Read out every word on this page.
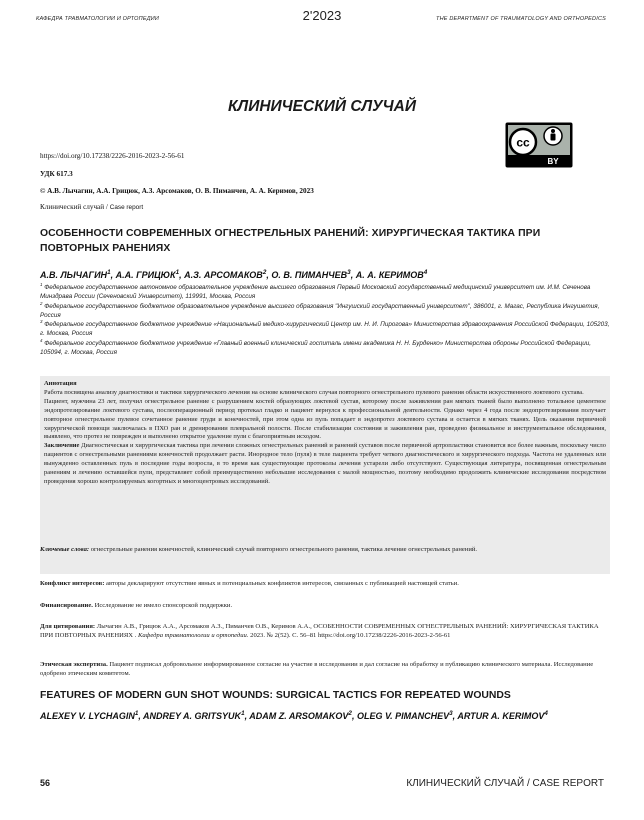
КАФЕДРА ТРАВМАТОЛОГИИ И ОРТОПЕДИИ	2'2023	THE DEPARTMENT OF TRAUMATOLOGY AND ORTHOPEDICS
КЛИНИЧЕСКИЙ СЛУЧАЙ
cc
BY
https://doi.org/10.17238/2226-2016-2023-2-56-61
УДК 617.3
© А.В. Лычагин, А.А. Грицюк, А.З. Арсомаков, О. В. Пиманчев, А. А. Керимов, 2023
Клинический случай / Case report
ОСОБЕННОСТИ СОВРЕМЕННЫХ ОГНЕСТРЕЛЬНЫХ РАНЕНИЙ: ХИРУРГИЧЕСКАЯ ТАКТИКА ПРИ ПОВТОРНЫХ РАНЕНИЯХ
А.В. ЛЫЧАГИН$^1$, А.А. ГРИЦЮК$^1$, А.З. АРСОМАКОВ$^2$, О. В. ПИМАНЧЕВ$^3$, А. А. КЕРИМОВ$^4$

$^1$ Федеральное государственное автономное образовательное учреждение высшего образования Первый Московский государственный медицинский университет им. И.М. Сеченова Минздрава России (Сеченовский Университет), 119991, Москва, Россия

$^2$ Федеральное государственное бюджетное образовательное учреждение высшего образования "Ингушский государственный университет", 386001, г. Магас, Республика Ингушетия, Россия

$^3$ Федеральное государственное бюджетное учреждение «Национальный медико-хирургический Центр им. Н. И. Пирогова» Министерства здравоохранения Российской Федерации, 105203, г. Москва, Россия

$^4$ Федеральное государственное бюджетное учреждение «Главный военный клинический госпиталь имени академика Н. Н. Бурденко» Министерства обороны Российской Федерации, 105094, г. Москва, Россия

Аннотация

Работа посвящена анализу диагностики и тактики хирургического лечения на основе клинического случая повторного огнестрельного пулевого ранения области искусственного локтевого сустава.

Пациент, мужчина 23 лет, получил огнестрельное ранение с разрушением костей образующих локтевой сустав, которому после заживления ран мягких тканей было выполнено тотальное цементное эндопротезирование локтевого сустава, послеоперационный период протекал гладко и пациент вернулся к профессиональной деятельности. Однако через 4 года после эндопротезирования получает повторное огнестрельное пулевое сочетанное ранение груди и конечностей, при этом одна из пуль попадает в эндопротез локтевого сустава и остается в мягких тканях. Цель оказания первичной хирургической помощи заключалась в ПХО ран и дренировании плевральной полости. После стабилизации состояния и заживления ран, проведено физикальное и инструментальное обследования, выявлено, что протез не поврежден и выполнено открытое удаление пули с благоприятным исходом.

Заключение Диагностическая и хирургическая тактика при лечении сложных огнестрельных ранений и ранений суставов после первичной артропластики становится все более важным, поскольку число пациентов с огнестрельными ранениями конечностей продолжает расти. Инородное тело (пуля) в теле пациента требует четкого диагностического и хирургического подхода. Частота не удаленных или вынужденно оставленных пуль в последние годы возросла, в то время как существующие протоколы лечения устарели либо отсутствуют. Существующая литература, посвященная огнестрельным ранениям и лечению оставшейся пули, представляет собой преимущественно небольшие исследования с малой мощностью, поэтому необходимо продолжить клинические исследования посредством проведения хорошо контролируемых когортных и многоцентровых исследований.

Ключевые слова: огнестрельные ранения конечностей, клинический случай повторного огнестрельного ранения, тактика лечение огнестрельных ранений.
Конфликт интересов: авторы декларируют отсутствие явных и потенциальных конфликтов интересов, связанных с публикацией настоящей статьи.
Финансирование. Исследование не имело спонсорской поддержки.
Для цитирования: Лычагин А.В., Грицюк А.А., Арсомаков А.З., Пиманчев О.В., Керимов А.А., ОСОБЕННОСТИ СОВРЕМЕННЫХ ОГНЕСТРЕЛЬНЫХ РАНЕНИЙ: ХИРУРГИЧЕСКАЯ ТАКТИКА ПРИ ПОВТОРНЫХ РАНЕНИЯХ . Кафедра травматологии и ортопедии. 2023. № 2(52). С. 56–81 https://doi.org/10.17238/2226-2016-2023-2-56-61
Этическая экспертиза. Пациент подписал добровольное информированное согласие на участие в исследовании и дал согласие на обработку и публикацию клинического материала. Исследование одобрено этическим комитетом.
FEATURES OF MODERN GUN SHOT WOUNDS: SURGICAL TACTICS FOR REPEATED WOUNDS
ALEXEY V. LYCHAGIN$^1$, ANDREY A. GRITSYUK$^1$, ADAM Z. ARSOMAKOV$^2$, OLEG V. PIMANCHEV$^3$, ARTUR A. KERIMOV$^4$
56	КЛИНИЧЕСКИЙ СЛУЧАЙ / CASE REPORT
